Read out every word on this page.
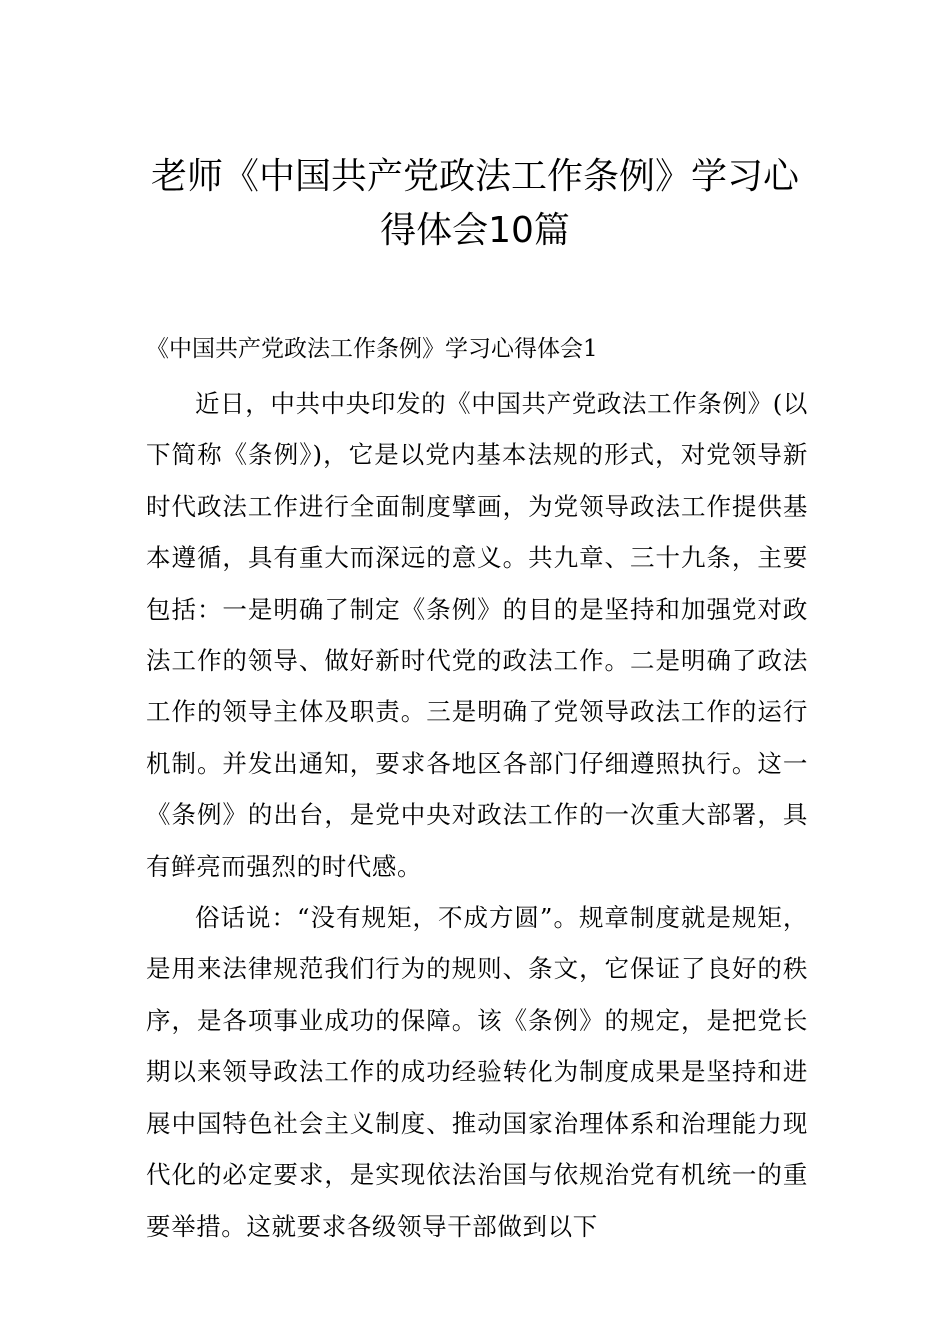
老师《中国共产党政法工作条例》学习心
得体会10篇
《中国共产党政法工作条例》学习心得体会1

近日，中共中央印发的《中国共产党政法工作条例》(以下简称《条例》)，它是以党内基本法规的形式，对党领导新时代政法工作进行全面制度擘画，为党领导政法工作提供基本遵循，具有重大而深远的意义。共九章、三十九条，主要包括：一是明确了制定《条例》的目的是坚持和加强党对政法工作的领导、做好新时代党的政法工作。二是明确了政法工作的领导主体及职责。三是明确了党领导政法工作的运行机制。并发出通知，要求各地区各部门仔细遵照执行。这一《条例》的出台，是党中央对政法工作的一次重大部署，具有鲜亮而强烈的时代感。

俗话说：“没有规矩，不成方圆”。规章制度就是规矩，是用来法律规范我们行为的规则、条文，它保证了良好的秩序，是各项事业成功的保障。该《条例》的规定，是把党长期以来领导政法工作的成功经验转化为制度成果是坚持和进展中国特色社会主义制度、推动国家治理体系和治理能力现代化的必定要求，是实现依法治国与依规治党有机统一的重要举措。这就要求各级领导干部做到以下
